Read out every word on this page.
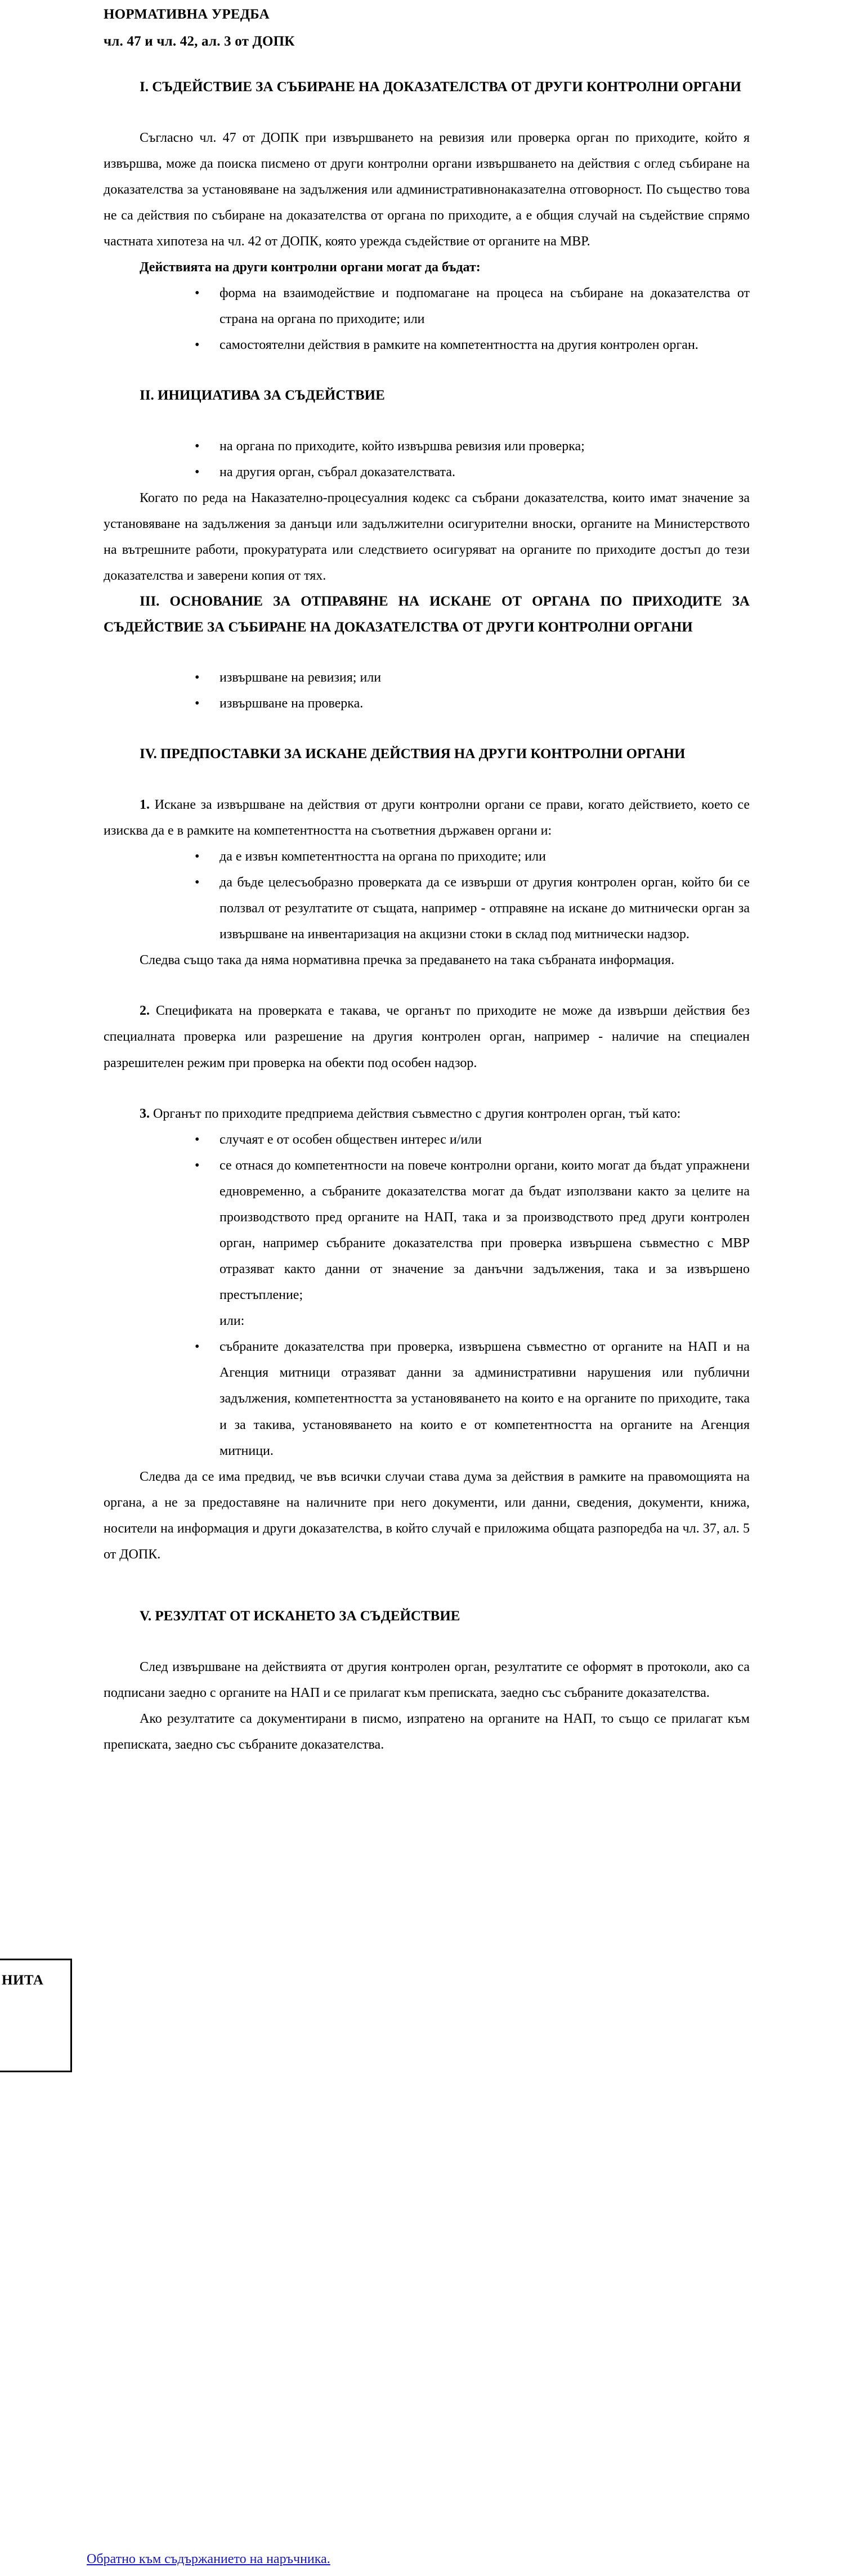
НИТА
НОРМАТИВНА УРЕДБА
чл. 47 и чл. 42, ал. 3 от ДОПК
I. СЪДЕЙСТВИЕ ЗА СЪБИРАНЕ НА ДОКАЗАТЕЛСТВА ОТ ДРУГИ КОНТРОЛНИ ОРГАНИ

Съгласно чл. 47 от ДОПК при извършването на ревизия или проверка орган по приходите, който я извършва, може да поиска писмено от други контролни органи извършването на действия с оглед събиране на доказателства за установяване на задължения или административнонаказателна отговорност. По същество това не са действия по събиране на доказателства от органа по приходите, а е общия случай на съдействие спрямо частната хипотеза на чл. 42 от ДОПК, която урежда съдействие от органите на МВР.

Действията на други контролни органи могат да бъдат:

• форма на взаимодействие и подпомагане на процеса на събиране на доказателства от страна на органа по приходите; или
• самостоятелни действия в рамките на компетентността на другия контролен орган.
II. ИНИЦИАТИВА ЗА СЪДЕЙСТВИЕ
• на органа по приходите, който извършва ревизия или проверка;
• на другия орган, събрал доказателствата.

Когато по реда на Наказателно-процесуалния кодекс са събрани доказателства, които имат значение за установяване на задължения за данъци или задължителни осигурителни вноски, органите на Министерството на вътрешните работи, прокуратурата или следствието осигуряват на органите по приходите достъп до тези доказателства и заверени копия от тях.

III. ОСНОВАНИЕ ЗА ОТПРАВЯНЕ НА ИСКАНЕ ОТ ОРГАНА ПО ПРИХОДИТЕ ЗА СЪДЕЙСТВИЕ ЗА СЪБИРАНЕ НА ДОКАЗАТЕЛСТВА ОТ ДРУГИ КОНТРОЛНИ ОРГАНИ
• извършване на ревизия; или
• извършване на проверка.
IV. ПРЕДПОСТАВКИ ЗА ИСКАНЕ ДЕЙСТВИЯ НА ДРУГИ КОНТРОЛНИ ОРГАНИ

1. Искане за извършване на действия от други контролни органи се прави, когато действието, което се изисква да е в рамките на компетентността на съответния държавен органи и:

• да е извън компетентността на органа по приходите; или
• да бъде целесъобразно проверката да се извърши от другия контролен орган, който би се ползвал от резултатите от същата, например - отправяне на искане до митнически орган за извършване на инвентаризация на акцизни стоки в склад под митнически надзор.

Следва също така да няма нормативна пречка за предаването на така събраната информация.

2. Спецификата на проверката е такава, че органът по приходите не може да извърши действия без специалната проверка или разрешение на другия контролен орган, например - наличие на специален разрешителен режим при проверка на обекти под особен надзор.

3. Органът по приходите предприема действия съвместно с другия контролен орган, тъй като:

• случаят е от особен обществен интерес и/или
• се отнася до компетентности на повече контролни органи, които могат да бъдат упражнени едновременно, а събраните доказателства могат да бъдат използвани както за целите на производството пред органите на НАП, така и за производството пред други контролен орган, например събраните доказателства при проверка извършена съвместно с МВР отразяват както данни от значение за данъчни задължения, така и за извършено престъпление;
или:
• събраните доказателства при проверка, извършена съвместно от органите на НАП и на Агенция митници отразяват данни за административни нарушения или публични задължения, компетентността за установяването на които е на органите по приходите, така и за такива, установяването на които е от компетентността на органите на Агенция митници.

Следва да се има предвид, че във всички случаи става дума за действия в рамките на правомощията на органа, а не за предоставяне на наличните при него документи, или данни, сведения, документи, книжа, носители на информация и други доказателства, в който случай е приложима общата разпоредба на чл. 37, ал. 5 от ДОПК.

V. РЕЗУЛТАТ ОТ ИСКАНЕТО ЗА СЪДЕЙСТВИЕ

След извършване на действията от другия контролен орган, резултатите се оформят в протоколи, ако са подписани заедно с органите на НАП и се прилагат към преписката, заедно със събраните доказателства.

Ако резултатите са документирани в писмо, изпратено на органите на НАП, то също се прилагат към преписката, заедно със събраните доказателства.

Обратно към съдържанието на наръчника.
